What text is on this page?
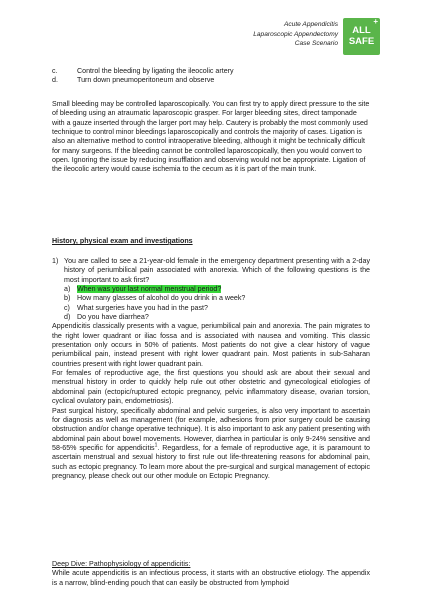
Acute Appendicitis
Laparoscopic Appendectomy
Case Scenario
+
ALL
SAFE
c.	Control the bleeding by ligating the ileocolic artery
d.	Turn down pneumoperitoneum and observe

Small bleeding may be controlled laparoscopically. You can first try to apply direct pressure to the site of bleeding using an atraumatic laparoscopic grasper. For larger bleeding sites, direct tamponade with a gauze inserted through the larger port may help. Cautery is probably the most commonly used technique to control minor bleedings laparoscopically and controls the majority of cases. Ligation is also an alternative method to control intraoperative bleeding, although it might be technically difficult for many surgeons. If the bleeding cannot be controlled laparoscopically, then you would convert to open. Ignoring the issue by reducing insufflation and observing would not be appropriate. Ligation of the ileocolic artery would cause ischemia to the cecum as it is part of the main trunk.

History, physical exam and investigations
1) You are called to see a 21-year-old female in the emergency department presenting with a 2-day history of periumbilical pain associated with anorexia. Which of the following questions is the most important to ask first?
a) When was your last normal menstrual period?
b) How many glasses of alcohol do you drink in a week?
c) What surgeries have you had in the past?
d) Do you have diarrhea?

Appendicitis classically presents with a vague, periumbilical pain and anorexia. The pain migrates to the right lower quadrant or iliac fossa and is associated with nausea and vomiting. This classic presentation only occurs in 50% of patients. Most patients do not give a clear history of vague periumbilical pain, instead present with right lower quadrant pain. Most patients in sub-Saharan countries present with right lower quadrant pain.

For females of reproductive age, the first questions you should ask are about their sexual and menstrual history in order to quickly help rule out other obstetric and gynecological etiologies of abdominal pain (ectopic/ruptured ectopic pregnancy, pelvic inflammatory disease, ovarian torsion, cyclical ovulatory pain, endometriosis).

Past surgical history, specifically abdominal and pelvic surgeries, is also very important to ascertain for diagnosis as well as management (for example, adhesions from prior surgery could be causing obstruction and/or change operative technique). It is also important to ask any patient presenting with abdominal pain about bowel movements. However, diarrhea in particular is only 9-24% sensitive and 58-65% specific for appendicitis$^1$. Regardless, for a female of reproductive age, it is paramount to ascertain menstrual and sexual history to first rule out life-threatening reasons for abdominal pain, such as ectopic pregnancy. To learn more about the pre-surgical and surgical management of ectopic pregnancy, please check out our other module on Ectopic Pregnancy.

Deep Dive: Pathophysiology of appendicitis:

While acute appendicitis is an infectious process, it starts with an obstructive etiology. The appendix is a narrow, blind-ending pouch that can easily be obstructed from lymphoid
